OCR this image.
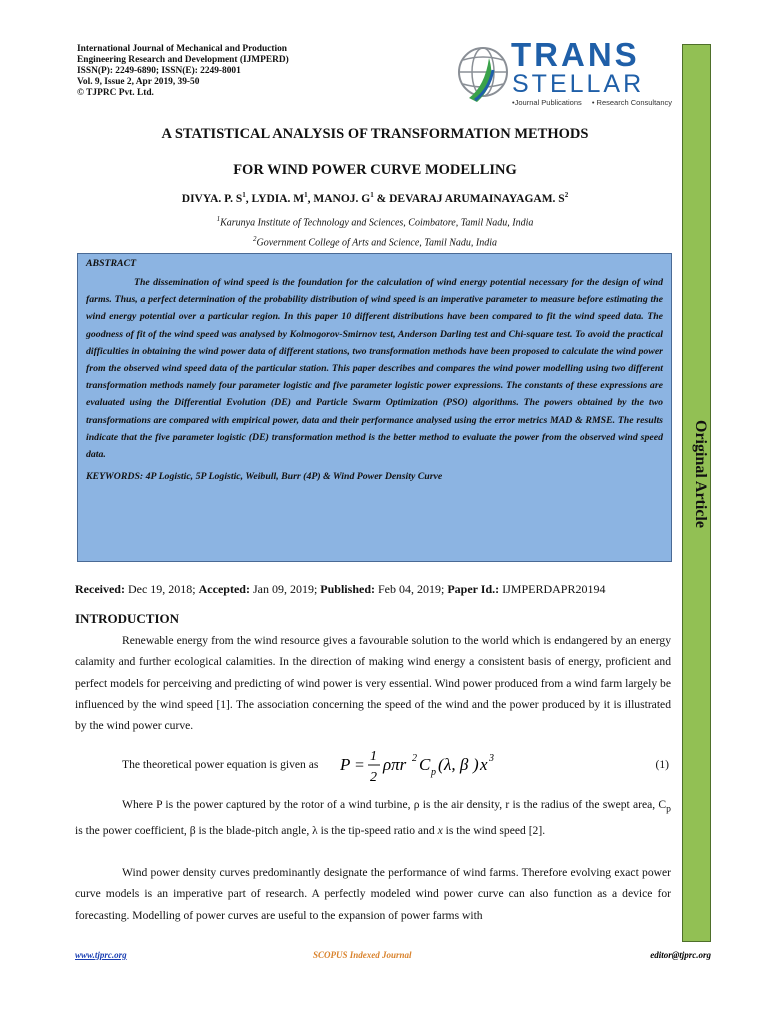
International Journal of Mechanical and Production
Engineering Research and Development (IJMPERD)
ISSN(P): 2249-6890; ISSN(E): 2249-8001
Vol. 9, Issue 2, Apr 2019, 39-50
© TJPRC Pvt. Ltd.
TRANS
STELLAR
•Journal Publications • Research Consultancy
Original Article
A STATISTICAL ANALYSIS OF TRANSFORMATION METHODS
FOR WIND POWER CURVE MODELLING
DIVYA. P. $S^1$, LYDIA. $M^1$, MANOJ. $G^1$ & DEVARAJ ARUMAINAYAGAM. $S^2$
$^1$Karunya Institute of Technology and Sciences, Coimbatore, Tamil Nadu, India
$^2$Government College of Arts and Science, Tamil Nadu, India
ABSTRACT
The dissemination of wind speed is the foundation for the calculation of wind energy potential necessary for the design of wind farms. Thus, a perfect determination of the probability distribution of wind speed is an imperative parameter to measure before estimating the wind energy potential over a particular region. In this paper 10 different distributions have been compared to fit the wind speed data. The goodness of fit of the wind speed was analysed by Kolmogorov-Smirnov test, Anderson Darling test and Chi-square test. To avoid the practical difficulties in obtaining the wind power data of different stations, two transformation methods have been proposed to calculate the wind power from the observed wind speed data of the particular station. This paper describes and compares the wind power modelling using two different transformation methods namely four parameter logistic and five parameter logistic power expressions. The constants of these expressions are evaluated using the Differential Evolution (DE) and Particle Swarm Optimization (PSO) algorithms. The powers obtained by the two transformations are compared with empirical power, data and their performance analysed using the error metrics MAD & RMSE. The results indicate that the five parameter logistic (DE) transformation method is the better method to evaluate the power from the observed wind speed data.
KEYWORDS: 4P Logistic, 5P Logistic, Weibull, Burr (4P) & Wind Power Density Curve
Received: Dec 19, 2018; Accepted: Jan 09, 2019; Published: Feb 04, 2019; Paper Id.: IJMPERDAPR20194
INTRODUCTION
Renewable energy from the wind resource gives a favourable solution to the world which is endangered by an energy calamity and further ecological calamities. In the direction of making wind energy a consistent basis of energy, proficient and perfect models for perceiving and predicting of wind power is very essential. Wind power produced from a wind farm largely be influenced by the wind speed [1]. The association concerning the speed of the wind and the power produced by it is illustrated by the wind power curve.
The theoretical power equation is given as P =
1
2
ρπr 2 C p ( λ, β ) x 3	(1)
Where P is the power captured by the rotor of a wind turbine, ρ is the air density, r is the radius of the swept area, $C_p$ is the power coefficient, β is the blade-pitch angle, λ is the tip-speed ratio and x is the wind speed [2].
Wind power density curves predominantly designate the performance of wind farms. Therefore evolving exact power curve models is an imperative part of research. A perfectly modeled wind power curve can also function as a device for forecasting. Modelling of power curves are useful to the expansion of power farms with
www.tjprc.org	SCOPUS Indexed Journal	editor@tjprc.org
